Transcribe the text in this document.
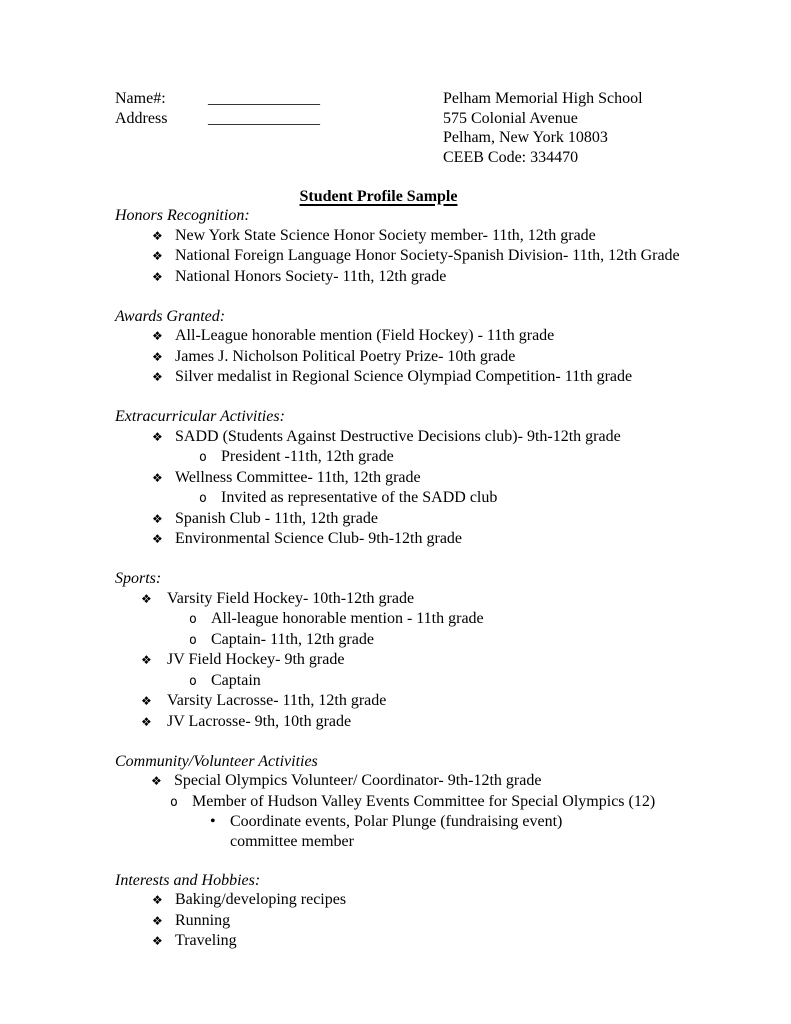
Name#:	______________
Address	______________
Pelham Memorial High School
575 Colonial Avenue
Pelham, New York 10803
CEEB Code: 334470
Student Profile Sample
Honors Recognition:
❖ New York State Science Honor Society member- 11th, 12th grade
❖ National Foreign Language Honor Society-Spanish Division- 11th, 12th Grade
❖ National Honors Society- 11th, 12th grade
Awards Granted:
❖ All-League honorable mention (Field Hockey) - 11th grade
❖ James J. Nicholson Political Poetry Prize- 10th grade
❖ Silver medalist in Regional Science Olympiad Competition- 11th grade
Extracurricular Activities:
❖ SADD (Students Against Destructive Decisions club)- 9th-12th grade
o President -11th, 12th grade
❖ Wellness Committee- 11th, 12th grade
o Invited as representative of the SADD club
❖ Spanish Club - 11th, 12th grade
❖ Environmental Science Club- 9th-12th grade
Sports:
❖ Varsity Field Hockey- 10th-12th grade
o All-league honorable mention - 11th grade
o Captain- 11th, 12th grade
❖ JV Field Hockey- 9th grade
o Captain
❖ Varsity Lacrosse- 11th, 12th grade
❖ JV Lacrosse- 9th, 10th grade
Community/Volunteer Activities
❖ Special Olympics Volunteer/ Coordinator- 9th-12th grade
o Member of Hudson Valley Events Committee for Special Olympics (12)
• Coordinate events, Polar Plunge (fundraising event) committee member
Interests and Hobbies:
❖ Baking/developing recipes
❖ Running
❖ Traveling
